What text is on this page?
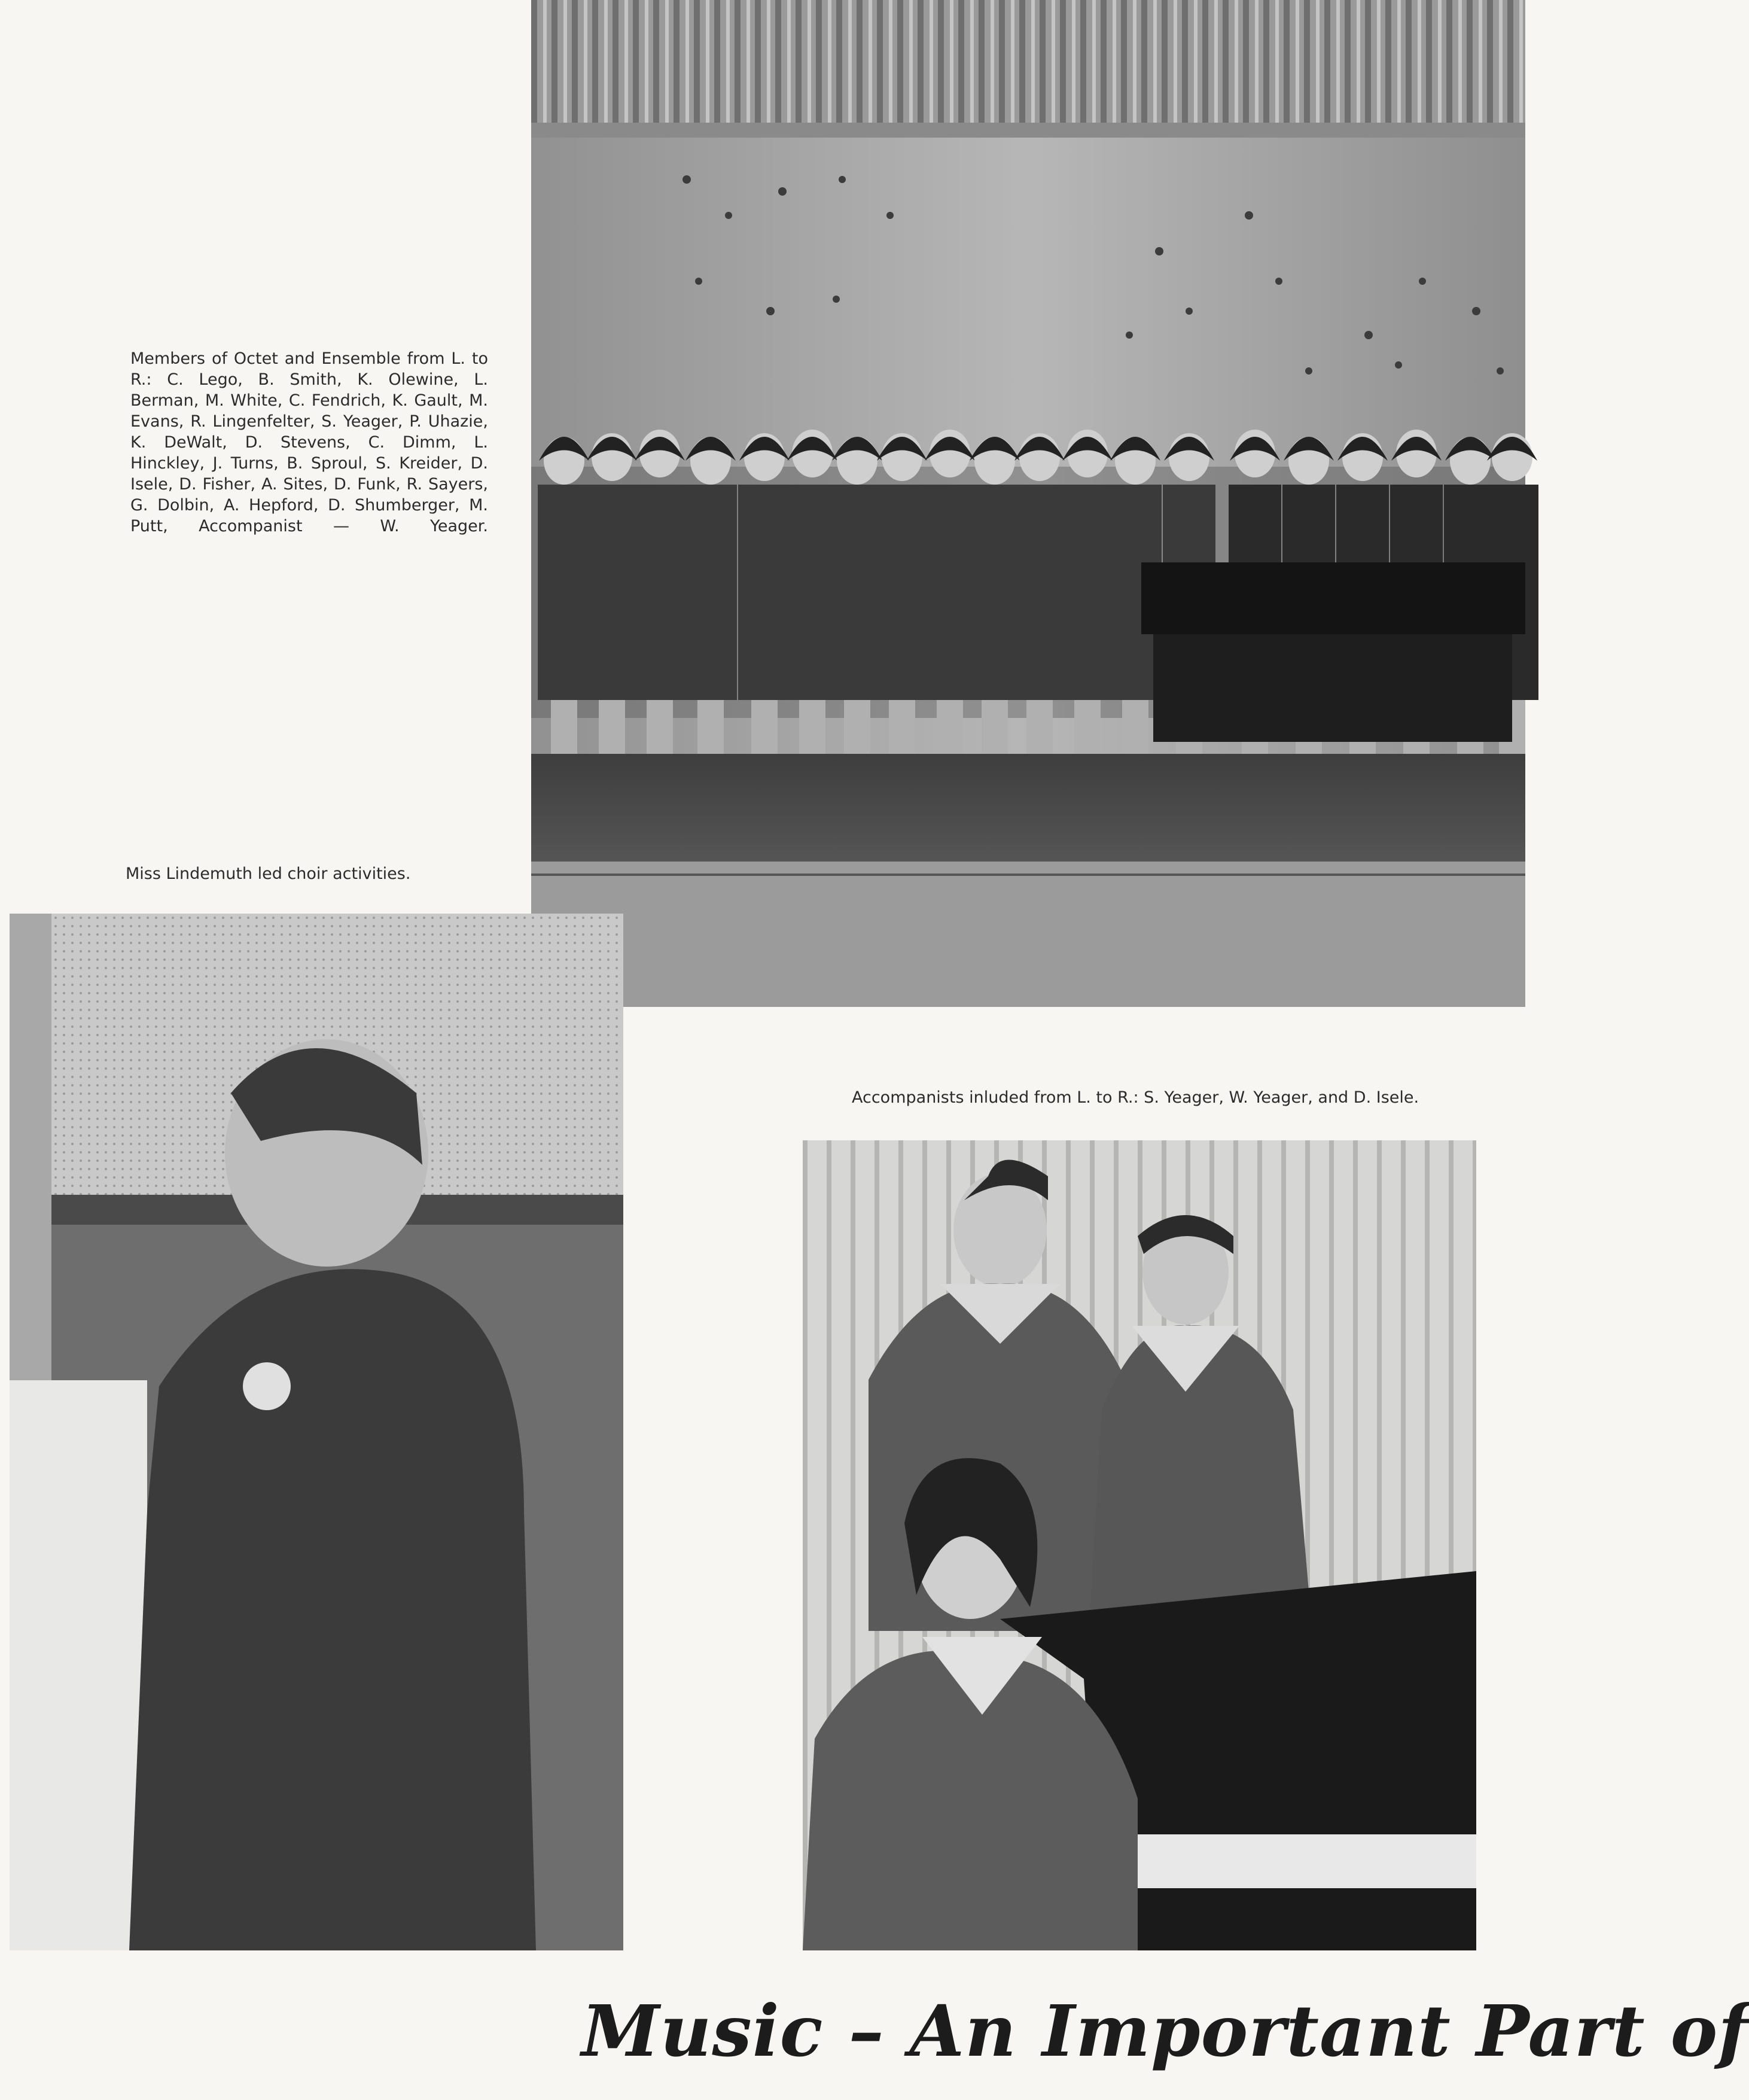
Members of Octet and Ensemble from L. to R.: C. Lego, B. Smith, K. Olewine, L. Berman, M. White, C. Fendrich, K. Gault, M. Evans, R. Lingenfelter, S. Yeager, P. Uhazie, K. DeWalt, D. Stevens, C. Dimm, L. Hinckley, J. Turns, B. Sproul, S. Kreider, D. Isele, D. Fisher, A. Sites, D. Funk, R. Sayers, G. Dolbin, A. Hepford, D. Shumberger, M. Putt, Accompanist — W. Yeager.

Miss Lindemuth led choir activities.

Accompanists inluded from L. to R.: S. Yeager, W. Yeager, and D. Isele.

Music – An Important Part of
